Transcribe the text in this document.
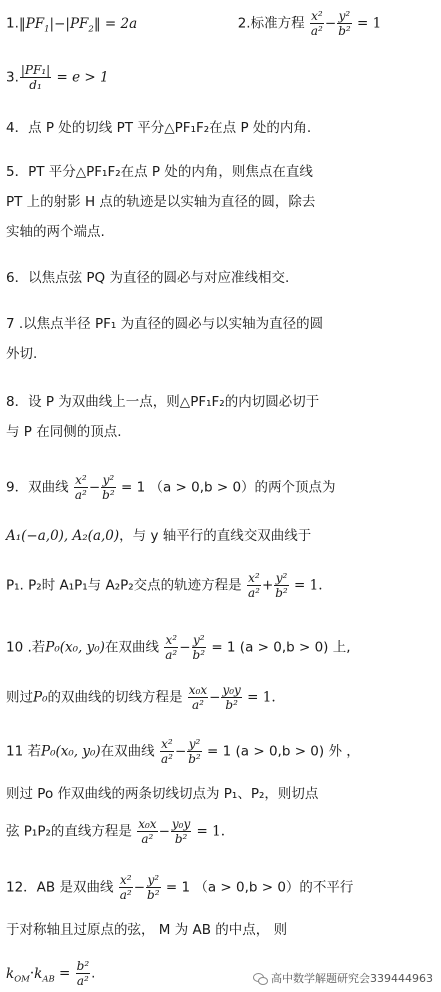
$1.‖PF_1|-|PF_2‖ = 2a$	2.标准方程 $\frac{\text{x²}}{\text{a²}} - \frac{\text{y²}}{\text{b²}} = 1$
3. $\frac{\text{|PF₁|}}{\text{d₁}} = e > 1$
4．点 P 处的切线 PT 平分△PF₁F₂在点 P 处的内角.
5．PT 平分△PF₁F₂在点 P 处的内角，则焦点在直线
PT 上的射影 H 点的轨迹是以实轴为直径的圆，除去
实轴的两个端点.
6．以焦点弦 PQ 为直径的圆必与对应准线相交.
7 .以焦点半径 PF₁ 为直径的圆必与以实轴为直径的圆
外切.
8．设 P 为双曲线上一点，则△PF₁F₂的内切圆必切于
与 P 在同侧的顶点.
9．双曲线 $\frac{\text{x²}}{\text{a²}} - \frac{\text{y²}}{\text{b²}} = 1$ （a > 0,b > 0）的两个顶点为
A₁(−a,0), A₂(a,0)，与 y 轴平行的直线交双曲线于
P₁. P₂时 A₁P₁与 A₂P₂交点的轨迹方程是 $\frac{\text{x²}}{\text{a²}} + \frac{\text{y²}}{\text{b²}} = 1$.
10 .若P₀(x₀, y₀)在双曲线 $\frac{\text{x²}}{\text{a²}} - \frac{\text{y²}}{\text{b²}} = 1$ (a > 0,b > 0) 上,
则过P₀的双曲线的切线方程是 $\frac{\text{x₀x}}{\text{a²}} - \frac{\text{y₀y}}{\text{b²}} = 1$.
11 若P₀(x₀, y₀)在双曲线 $\frac{\text{x²}}{\text{a²}} - \frac{\text{y²}}{\text{b²}} = 1$ (a > 0,b > 0) 外 ，
则过 Po 作双曲线的两条切线切点为 P₁、P₂，则切点
弦 P₁P₂的直线方程是 $\frac{\text{x₀x}}{\text{a²}} - \frac{\text{y₀y}}{\text{b²}} = 1$.
12．AB 是双曲线 $\frac{\text{x²}}{\text{a²}} - \frac{\text{y²}}{\text{b²}} = 1$ （a > 0,b > 0）的不平行
于对称轴且过原点的弦， M 为 AB 的中点， 则
$k_{OM}\cdot k_{AB} = \frac{\text{b²}}{\text{a²}}$ .	高中数学解题研究会339444963
